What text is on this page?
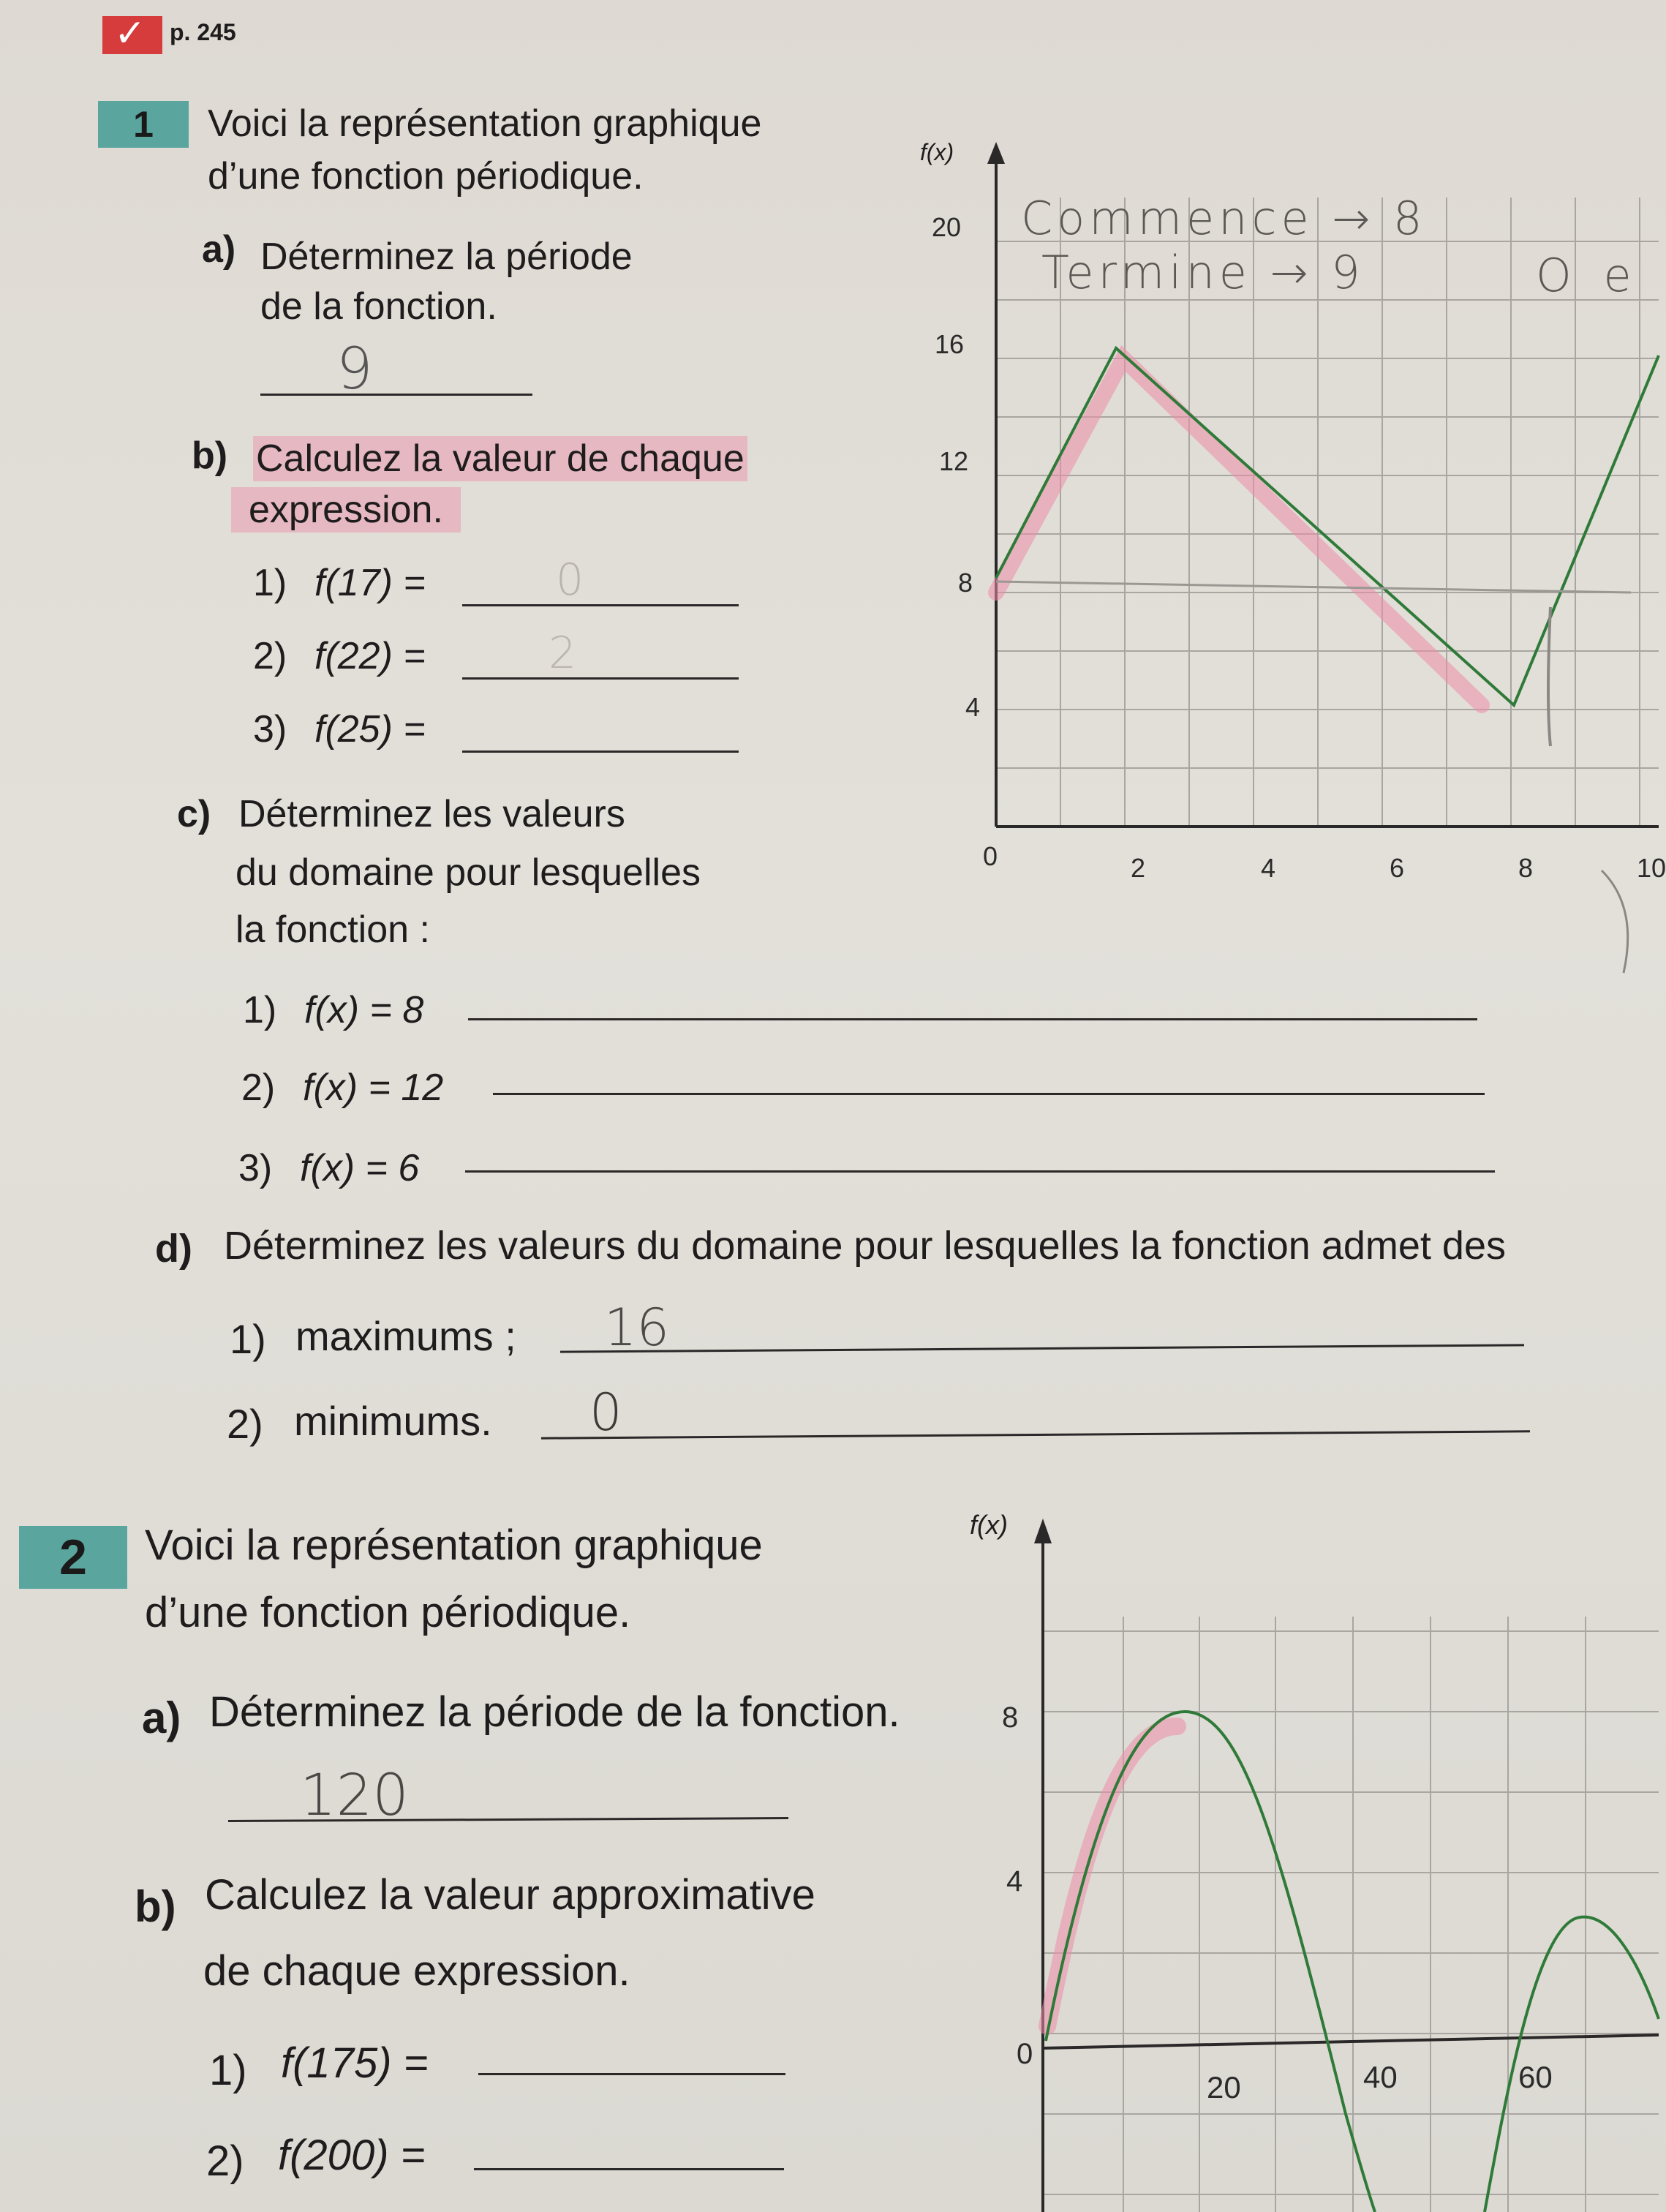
✓
p. 245
1	Voici la représentation graphique
d’une fonction périodique.
a) Déterminez la période
de la fonction.
9
b) Calculez la valeur de chaque
expression.
1) f(17) =	0
2) f(22) =	2
3) f(25) =
c) Déterminez les valeurs
du domaine pour lesquelles
la fonction :
1) f(x) = 8
2) f(x) = 12
3) f(x) = 6
d) Déterminez les valeurs du domaine pour lesquelles la fonction admet des
1) maximums ; 16
2) minimums. 0
f(x)
20
16
12
8
4
0	2	4	6	8	10
Commence → 8
Termine → 9	O e
2	Voici la représentation graphique
d’une fonction périodique.
a) Déterminez la période de la fonction.
120
b) Calculez la valeur approximative
de chaque expression.
1) f(175) =
2) f(200) =
f(x)
8
4
0
20	40	60
